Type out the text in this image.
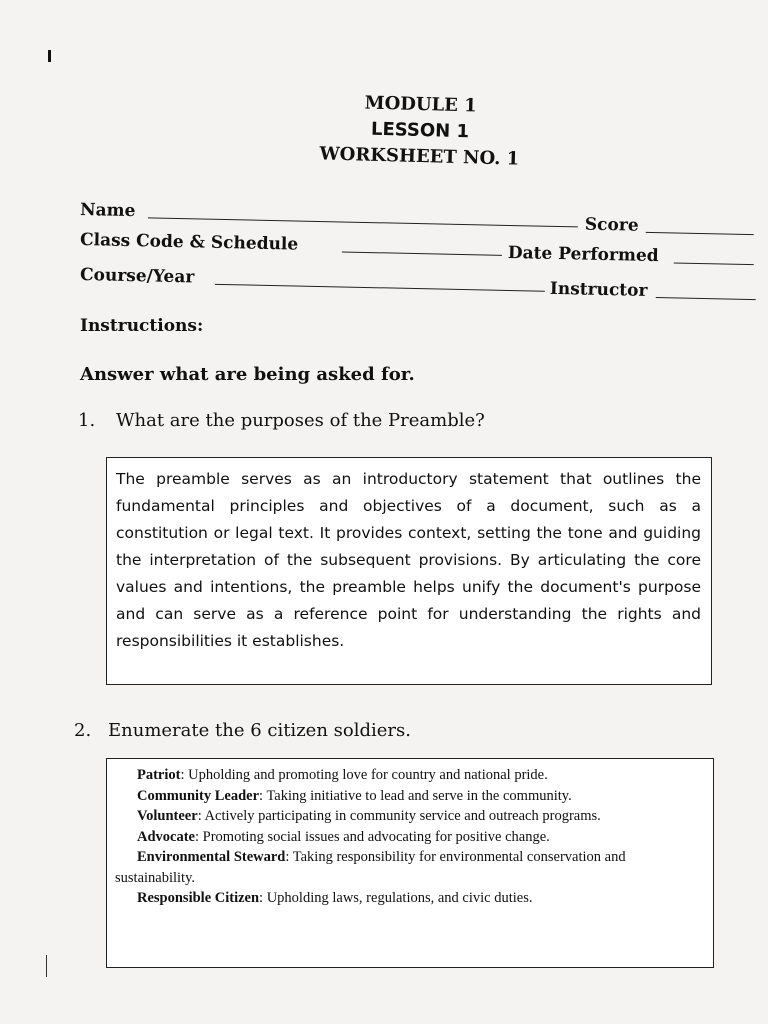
MODULE 1
LESSON 1
WORKSHEET NO. 1
Name
Score
Class Code & Schedule	Date Performed
Course/Year
Instructor
Instructions:
Answer what are being asked for.
1. What are the purposes of the Preamble?
The preamble serves as an introductory statement that outlines the fundamental principles and objectives of a document, such as a constitution or legal text. It provides context, setting the tone and guiding the interpretation of the subsequent provisions. By articulating the core values and intentions, the preamble helps unify the document's purpose and can serve as a reference point for understanding the rights and responsibilities it establishes.
2. Enumerate the 6 citizen soldiers.
Patriot: Upholding and promoting love for country and national pride.
Community Leader: Taking initiative to lead and serve in the community.
Volunteer: Actively participating in community service and outreach programs.
Advocate: Promoting social issues and advocating for positive change.
Environmental Steward: Taking responsibility for environmental conservation and sustainability.
Responsible Citizen: Upholding laws, regulations, and civic duties.
